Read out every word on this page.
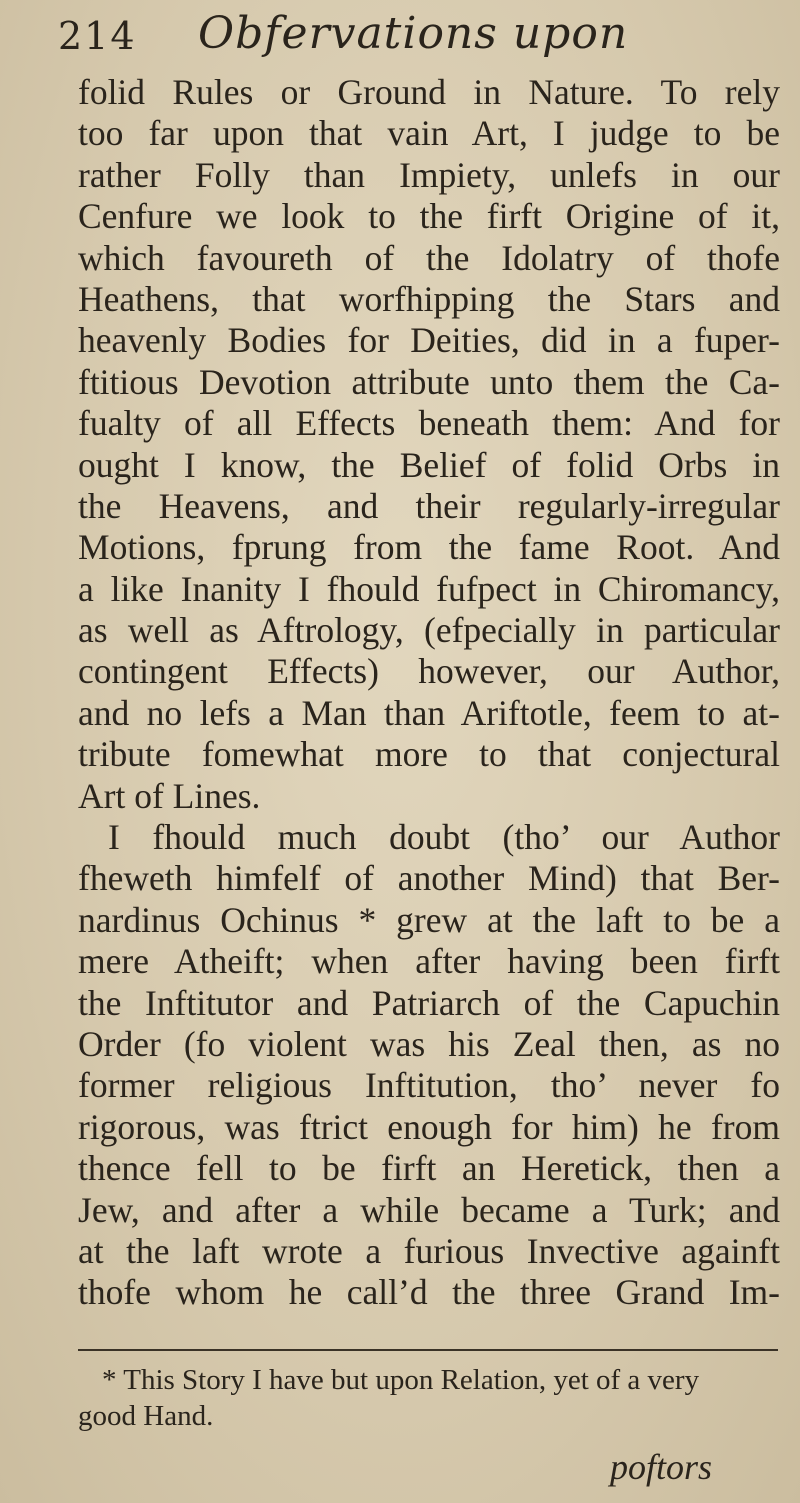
214 Obfervations upon
folid Rules or Ground in Nature. To rely
too far upon that vain Art, I judge to be
rather Folly than Impiety, unlefs in our
Cenfure we look to the firft Origine of it,
which favoureth of the Idolatry of thofe
Heathens, that worfhipping the Stars and
heavenly Bodies for Deities, did in a fuper-
ftitious Devotion attribute unto them the Ca-
fualty of all Effects beneath them: And for
ought I know, the Belief of folid Orbs in
the Heavens, and their regularly-irregular
Motions, fprung from the fame Root. And
a like Inanity I fhould fufpect in Chiromancy,
as well as Aftrology, (efpecially in particular
contingent Effects) however, our Author,
and no lefs a Man than Ariftotle, feem to at-
tribute fomewhat more to that conjectural
Art of Lines.
I fhould much doubt (tho’ our Author
fheweth himfelf of another Mind) that Ber-
nardinus Ochinus * grew at the laft to be a
mere Atheift; when after having been firft
the Inftitutor and Patriarch of the Capuchin
Order (fo violent was his Zeal then, as no
former religious Inftitution, tho’ never fo
rigorous, was ftrict enough for him) he from
thence fell to be firft an Heretick, then a
Jew, and after a while became a Turk; and
at the laft wrote a furious Invective againft
thofe whom he call’d the three Grand Im-
* This Story I have but upon Relation, yet of a very
good Hand.
poftors
